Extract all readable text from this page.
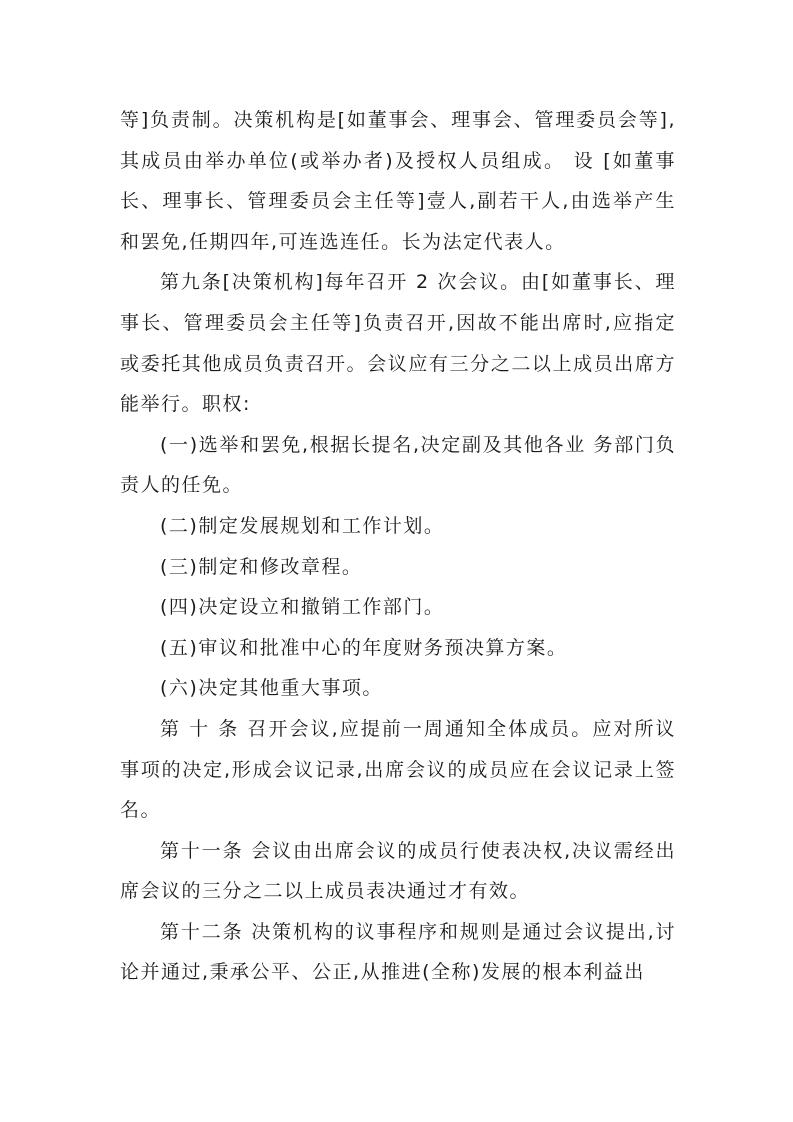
等]负责制。决策机构是[如董事会、理事会、管理委员会等],其成员由举办单位(或举办者)及授权人员组成。 设 [如董事长、理事长、管理委员会主任等]壹人,副若干人,由选举产生和罢免,任期四年,可连选连任。长为法定代表人。

第九条[决策机构]每年召开 2 次会议。由[如董事长、理事长、管理委员会主任等]负责召开,因故不能出席时,应指定或委托其他成员负责召开。会议应有三分之二以上成员出席方能举行。职权:

(一)选举和罢免,根据长提名,决定副及其他各业 务部门负责人的任免。

(二)制定发展规划和工作计划。

(三)制定和修改章程。

(四)决定设立和撤销工作部门。

(五)审议和批准中心的年度财务预决算方案。

(六)决定其他重大事项。

第 十 条 召开会议,应提前一周通知全体成员。应对所议事项的决定,形成会议记录,出席会议的成员应在会议记录上签名。

第十一条 会议由出席会议的成员行使表决权,决议需经出席会议的三分之二以上成员表决通过才有效。

第十二条 决策机构的议事程序和规则是通过会议提出,讨论并通过,秉承公平、公正,从推进(全称)发展的根本利益出
